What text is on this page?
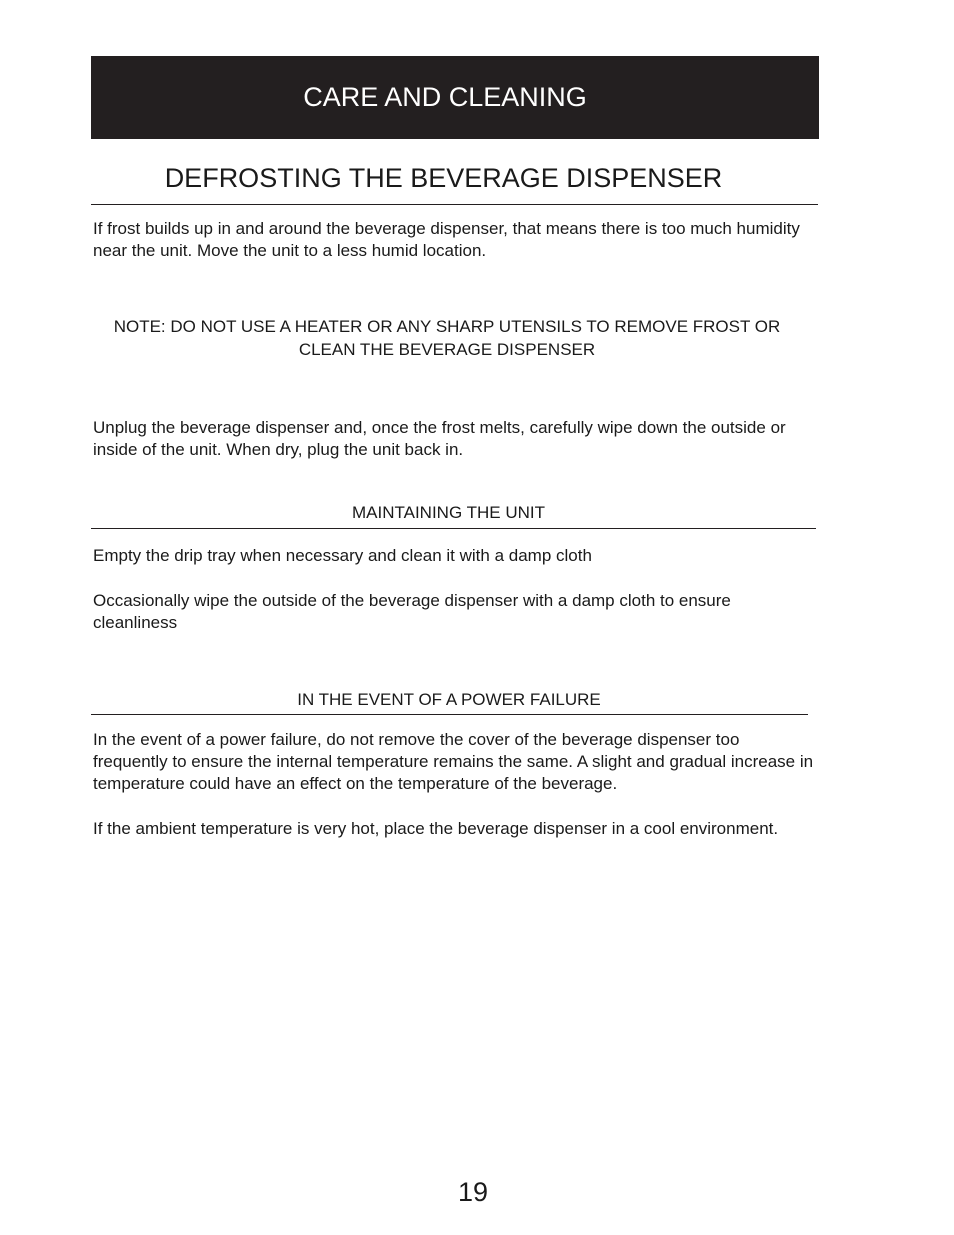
CARE AND CLEANING
DEFROSTING THE BEVERAGE DISPENSER
If frost builds up in and around the beverage dispenser, that means there is too much humidity near the unit. Move the unit to a less humid location.
NOTE: DO NOT USE A HEATER OR ANY SHARP UTENSILS TO REMOVE FROST OR CLEAN THE BEVERAGE DISPENSER
Unplug the beverage dispenser and, once the frost melts, carefully wipe down the outside or inside of the unit. When dry, plug the unit back in.
MAINTAINING THE UNIT
Empty the drip tray when necessary and clean it with a damp cloth
Occasionally wipe the outside of the beverage dispenser with a damp cloth to ensure cleanliness
IN THE EVENT OF A POWER FAILURE
In the event of a power failure, do not remove the cover of the beverage dispenser too frequently to ensure the internal temperature remains the same. A slight and gradual increase in temperature could have an effect on the temperature of the beverage.
If the ambient temperature is very hot, place the beverage dispenser in a cool environment.
19
